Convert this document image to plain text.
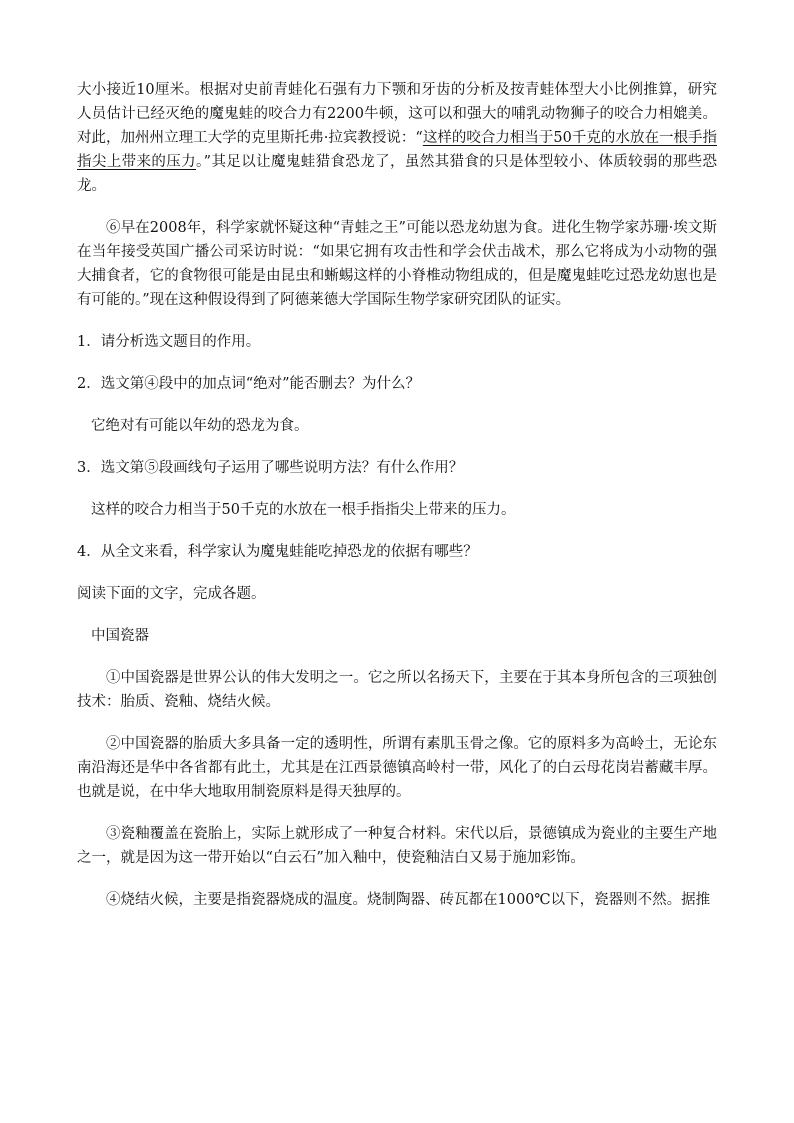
大小接近10厘米。根据对史前青蛙化石强有力下颚和牙齿的分析及按青蛙体型大小比例推算，研究人员估计已经灭绝的魔鬼蛙的咬合力有2200牛顿，这可以和强大的哺乳动物狮子的咬合力相媲美。对此，加州州立理工大学的克里斯托弗·拉宾教授说：“这样的咬合力相当于50千克的水放在一根手指指尖上带来的压力。”其足以让魔鬼蛙猎食恐龙了，虽然其猎食的只是体型较小、体质较弱的那些恐龙。

⑥早在2008年，科学家就怀疑这种“青蛙之王”可能以恐龙幼崽为食。进化生物学家苏珊·埃文斯在当年接受英国广播公司采访时说：“如果它拥有攻击性和学会伏击战术，那么它将成为小动物的强大捕食者，它的食物很可能是由昆虫和蜥蜴这样的小脊椎动物组成的，但是魔鬼蛙吃过恐龙幼崽也是有可能的。”现在这种假设得到了阿德莱德大学国际生物学家研究团队的证实。

1．请分析选文题目的作用。

2．选文第④段中的加点词“绝对”能否删去？为什么？

它绝对有可能以年幼的恐龙为食。

3．选文第⑤段画线句子运用了哪些说明方法？有什么作用？

这样的咬合力相当于50千克的水放在一根手指指尖上带来的压力。

4．从全文来看，科学家认为魔鬼蛙能吃掉恐龙的依据有哪些？

阅读下面的文字，完成各题。

中国瓷器

①中国瓷器是世界公认的伟大发明之一。它之所以名扬天下，主要在于其本身所包含的三项独创技术：胎质、瓷釉、烧结火候。

②中国瓷器的胎质大多具备一定的透明性，所谓有素肌玉骨之像。它的原料多为高岭土，无论东南沿海还是华中各省都有此土，尤其是在江西景德镇高岭村一带，风化了的白云母花岗岩蓄藏丰厚。也就是说，在中华大地取用制瓷原料是得天独厚的。

③瓷釉覆盖在瓷胎上，实际上就形成了一种复合材料。宋代以后，景德镇成为瓷业的主要生产地之一，就是因为这一带开始以“白云石”加入釉中，使瓷釉洁白又易于施加彩饰。

④烧结火候，主要是指瓷器烧成的温度。烧制陶器、砖瓦都在1000℃以下，瓷器则不然。据推
